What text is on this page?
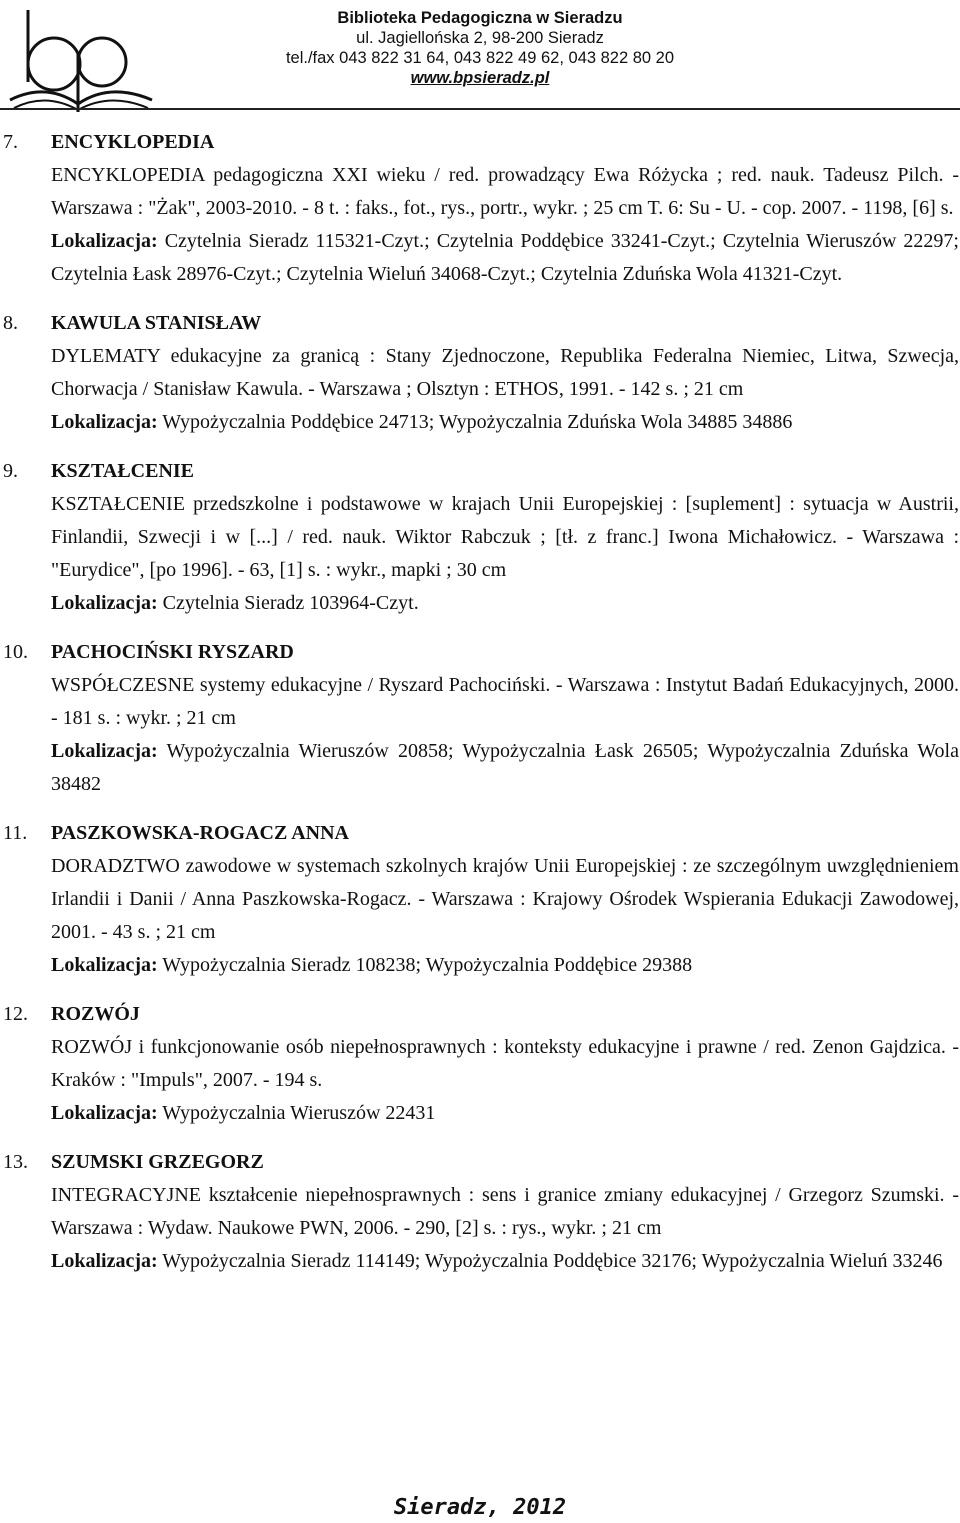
Biblioteka Pedagogiczna w Sieradzu
ul. Jagiellońska 2, 98-200 Sieradz
tel./fax 043 822 31 64, 043 822 49 62, 043 822 80 20
www.bpsieradz.pl
7. ENCYKLOPEDIA
ENCYKLOPEDIA pedagogiczna XXI wieku / red. prowadzący Ewa Różycka ; red. nauk. Tadeusz Pilch. - Warszawa : "Żak", 2003-2010. - 8 t. : faks., fot., rys., portr., wykr. ; 25 cm T. 6: Su - U. - cop. 2007. - 1198, [6] s.
Lokalizacja: Czytelnia Sieradz 115321-Czyt.; Czytelnia Poddębice 33241-Czyt.; Czytelnia Wieruszów 22297; Czytelnia Łask 28976-Czyt.; Czytelnia Wieluń 34068-Czyt.; Czytelnia Zduńska Wola 41321-Czyt.
8. KAWULA STANISŁAW
DYLEMATY edukacyjne za granicą : Stany Zjednoczone, Republika Federalna Niemiec, Litwa, Szwecja, Chorwacja / Stanisław Kawula. - Warszawa ; Olsztyn : ETHOS, 1991. - 142 s. ; 21 cm
Lokalizacja: Wypożyczalnia Poddębice 24713; Wypożyczalnia Zduńska Wola 34885 34886
9. KSZTAŁCENIE
KSZTAŁCENIE przedszkolne i podstawowe w krajach Unii Europejskiej : [suplement] : sytuacja w Austrii, Finlandii, Szwecji i w [...] / red. nauk. Wiktor Rabczuk ; [tł. z franc.] Iwona Michałowicz. - Warszawa : "Eurydice", [po 1996]. - 63, [1] s. : wykr., mapki ; 30 cm
Lokalizacja: Czytelnia Sieradz 103964-Czyt.
10. PACHOCIŃSKI RYSZARD
WSPÓŁCZESNE systemy edukacyjne / Ryszard Pachociński. - Warszawa : Instytut Badań Edukacyjnych, 2000. - 181 s. : wykr. ; 21 cm
Lokalizacja: Wypożyczalnia Wieruszów 20858; Wypożyczalnia Łask 26505; Wypożyczalnia Zduńska Wola 38482
11. PASZKOWSKA-ROGACZ ANNA
DORADZTWO zawodowe w systemach szkolnych krajów Unii Europejskiej : ze szczególnym uwzględnieniem Irlandii i Danii / Anna Paszkowska-Rogacz. - Warszawa : Krajowy Ośrodek Wspierania Edukacji Zawodowej, 2001. - 43 s. ; 21 cm
Lokalizacja: Wypożyczalnia Sieradz 108238; Wypożyczalnia Poddębice 29388
12. ROZWÓJ
ROZWÓJ i funkcjonowanie osób niepełnosprawnych : konteksty edukacyjne i prawne / red. Zenon Gajdzica. - Kraków : "Impuls", 2007. - 194 s.
Lokalizacja: Wypożyczalnia Wieruszów 22431
13. SZUMSKI GRZEGORZ
INTEGRACYJNE kształcenie niepełnosprawnych : sens i granice zmiany edukacyjnej / Grzegorz Szumski. - Warszawa : Wydaw. Naukowe PWN, 2006. - 290, [2] s. : rys., wykr. ; 21 cm
Lokalizacja: Wypożyczalnia Sieradz 114149; Wypożyczalnia Poddębice 32176; Wypożyczalnia Wieluń 33246
Sieradz, 2012
